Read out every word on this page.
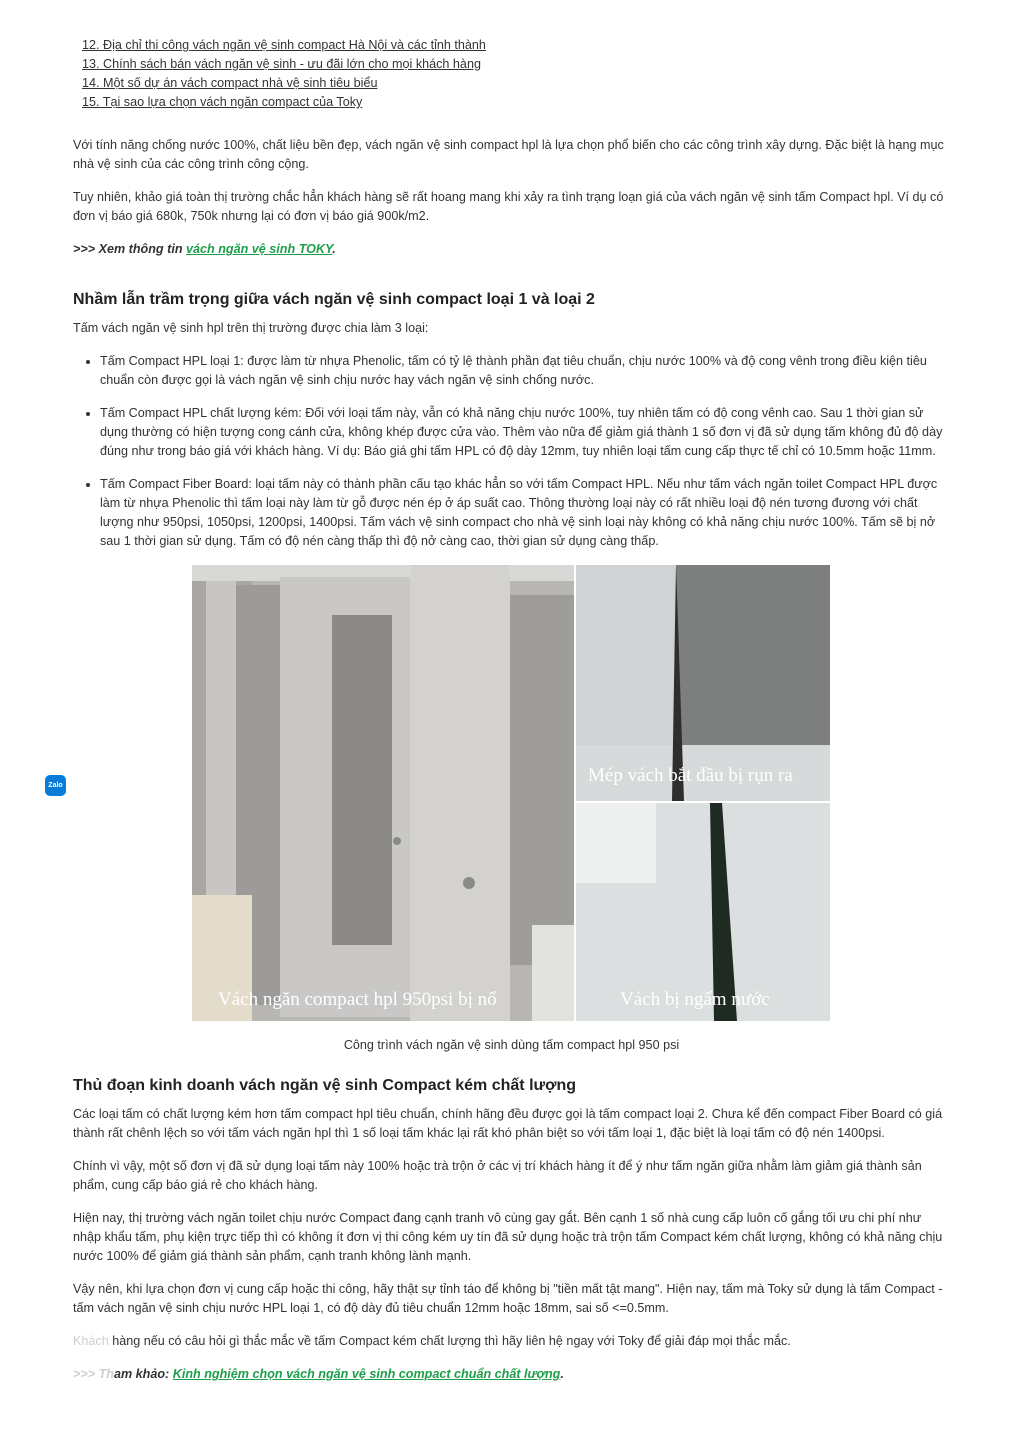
12. Địa chỉ thi công vách ngăn vệ sinh compact Hà Nội và các tỉnh thành
13. Chính sách bán vách ngăn vệ sinh - ưu đãi lớn cho mọi khách hàng
14. Một số dự án vách compact nhà vệ sinh tiêu biểu
15. Tại sao lựa chọn vách ngăn compact của Toky

Với tính năng chống nước 100%, chất liệu bền đẹp, vách ngăn vệ sinh compact hpl là lựa chọn phổ biến cho các công trình xây dựng. Đặc biệt là hạng mục nhà vệ sinh của các công trình công cộng.

Tuy nhiên, khảo giá toàn thị trường chắc hẳn khách hàng sẽ rất hoang mang khi xảy ra tình trạng loạn giá của vách ngăn vệ sinh tấm Compact hpl. Ví dụ có đơn vị báo giá 680k, 750k nhưng lại có đơn vị báo giá 900k/m2.

>>> Xem thông tin vách ngăn vệ sinh TOKY.

Nhầm lẫn trầm trọng giữa vách ngăn vệ sinh compact loại 1 và loại 2

Tấm vách ngăn vệ sinh hpl trên thị trường được chia làm 3 loại:

• Tấm Compact HPL loại 1: được làm từ nhựa Phenolic, tấm có tỷ lệ thành phần đạt tiêu chuẩn, chịu nước 100% và độ cong vênh trong điều kiện tiêu chuẩn còn được gọi là vách ngăn vệ sinh chịu nước hay vách ngăn vệ sinh chống nước.
• Tấm Compact HPL chất lượng kém: Đối với loại tấm này, vẫn có khả năng chịu nước 100%, tuy nhiên tấm có độ cong vênh cao. Sau 1 thời gian sử dụng thường có hiện tượng cong cánh cửa, không khép được cửa vào. Thêm vào nữa để giảm giá thành 1 số đơn vị đã sử dụng tấm không đủ độ dày đúng như trong báo giá với khách hàng. Ví dụ: Báo giá ghi tấm HPL có độ dày 12mm, tuy nhiên loại tấm cung cấp thực tế chỉ có 10.5mm hoặc 11mm.
• Tấm Compact Fiber Board: loại tấm này có thành phần cấu tạo khác hẳn so với tấm Compact HPL. Nếu như tấm vách ngăn toilet Compact HPL được làm từ nhựa Phenolic thì tấm loại này làm từ gỗ được nén ép ở áp suất cao. Thông thường loại này có rất nhiều loại độ nén tương đương với chất lượng như 950psi, 1050psi, 1200psi, 1400psi. Tấm vách vệ sinh compact cho nhà vệ sinh loại này không có khả năng chịu nước 100%. Tấm sẽ bị nở sau 1 thời gian sử dụng. Tấm có độ nén càng thấp thì độ nở càng cao, thời gian sử dụng càng thấp.
Vách ngăn compact hpl 950psi bị nổ
Mép vách bắt đầu bị rụn ra
Vách bị ngấm nước

Công trình vách ngăn vệ sinh dùng tấm compact hpl 950 psi

Thủ đoạn kinh doanh vách ngăn vệ sinh Compact kém chất lượng

Các loại tấm có chất lượng kém hơn tấm compact hpl tiêu chuẩn, chính hãng đều được gọi là tấm compact loại 2. Chưa kể đến compact Fiber Board có giá thành rất chênh lệch so với tấm vách ngăn hpl thì 1 số loại tấm khác lại rất khó phân biệt so với tấm loại 1, đặc biệt là loại tấm có độ nén 1400psi.

Chính vì vậy, một số đơn vị đã sử dụng loại tấm này 100% hoặc trà trộn ở các vị trí khách hàng ít để ý như tấm ngăn giữa nhằm làm giảm giá thành sản phẩm, cung cấp báo giá rẻ cho khách hàng.

Hiện nay, thị trường vách ngăn toilet chịu nước Compact đang cạnh tranh vô cùng gay gắt. Bên cạnh 1 số nhà cung cấp luôn cố gắng tối ưu chi phí như nhập khẩu tấm, phụ kiện trực tiếp thì có không ít đơn vị thi công kém uy tín đã sử dụng hoặc trà trộn tấm Compact kém chất lượng, không có khả năng chịu nước 100% để giảm giá thành sản phẩm, cạnh tranh không lành mạnh.

Vậy nên, khi lựa chọn đơn vị cung cấp hoặc thi công, hãy thật sự tỉnh táo để không bị "tiền mất tật mang". Hiện nay, tấm mà Toky sử dụng là tấm Compact - tấm vách ngăn vệ sinh chịu nước HPL loại 1, có độ dày đủ tiêu chuẩn 12mm hoặc 18mm, sai số <=0.5mm.

Khách hàng nếu có câu hỏi gì thắc mắc về tấm Compact kém chất lượng thì hãy liên hệ ngay với Toky để giải đáp mọi thắc mắc.

>>> Tham khảo: Kinh nghiệm chọn vách ngăn vệ sinh compact chuẩn chất lượng.

Zalo
